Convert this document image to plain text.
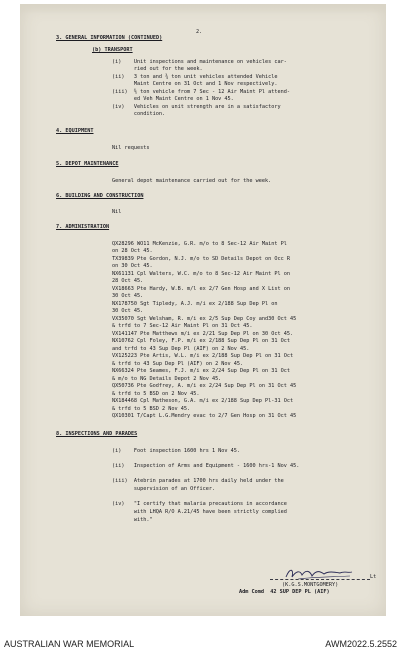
2.
3. GENERAL INFORMATION (CONTINUED)
(b) TRANSPORT
(i)    Unit inspections and maintenance on vehicles car-
ried out for the week.
(ii)   3 ton and ¾ ton unit vehicles attended Vehicle
Maint Centre on 31 Oct and 1 Nov respectively.
(iii)  ⅘ ton vehicle from 7 Sec - 12 Air Maint Pl attend-
ed Veh Maint Centre on 1 Nov 45.
(iv)   Vehicles on unit strength are in a satisfactory
condition.
4. EQUIPMENT
Nil requests
5. DEPOT MAINTENANCE
General depot maintenance carried out for the week.
6. BUILDING AND CONSTRUCTION
Nil
7. ADMINISTRATION
QX28296 WO11 McKenzie, G.R. m/o to 8 Sec-12 Air Maint Pl
on 28 Oct 45.
TX39839 Pte Gordon, N.J. m/o to SD Details Depot on Occ R
on 30 Oct 45.
NX61131 Cpl Walters, W.C. m/o to 8 Sec-12 Air Maint Pl on
28 Oct 45.
VX18663 Pte Hardy, W.B. m/l ex 2/7 Gen Hosp and X List on
30 Oct 45.
NX178750 Sgt Tipledy, A.J. m/i ex 2/188 Sup Dep Pl on
30 Oct 45.
VX35070 Sgt Welsham, R. m/i ex 2/5 Sup Dep Coy and30 Oct 45
& trfd to 7 Sec-12 Air Maint Pl on 31 Oct 45.
VX141147 Pte Matthews m/i ex 2/21 Sup Dep Pl on 30 Oct 45.
NX10762 Cpl Foley, F.P. m/i ex 2/188 Sup Dep Pl on 31 Oct
and trfd to 43 Sup Dep Pl (AIF) on 2 Nov 45.
VX125223 Pte Artis, W.L. m/i ex 2/188 Sup Dep Pl on 31 Oct
& trfd to 43 Sup Dep Pl (AIF) on 2 Nov 45.
NX66324 Pte Seames, F.J. m/i ex 2/24 Sup Dep Pl on 31 Oct
& m/o to NG Details Depot 2 Nov 45.
QX50736 Pte Godfrey, A. m/i ex 2/24 Sup Dep Pl on 31 Oct 45
& trfd to 5 BSD on 2 Nov 45.
NX184468 Cpl Matheson, G.A. m/i ex 2/188 Sup Dep Pl-31 Oct
& trfd to 5 BSD 2 Nov 45.
QX10301 T/Capt L.G.Mendry evac to 2/7 Gen Hosp on 31 Oct 45
8. INSPECTIONS AND PARADES
(i)    Foot inspection 1600 hrs 1 Nov 45.
(ii)   Inspection of Arms and Equipment - 1600 hrs-1 Nov 45.
(iii)  Atebrin parades at 1700 hrs daily held under the
supervision of an Officer.
(iv)   "I certify that malaria precautions in accordance
with LHQA R/O A.21/45 have been strictly complied
with."
Lt
(K.G.S.MONTGOMERY)
Adm Comd  42 SUP DEP PL (AIF)
AUSTRALIAN WAR MEMORIAL	AWM2022.5.2552
